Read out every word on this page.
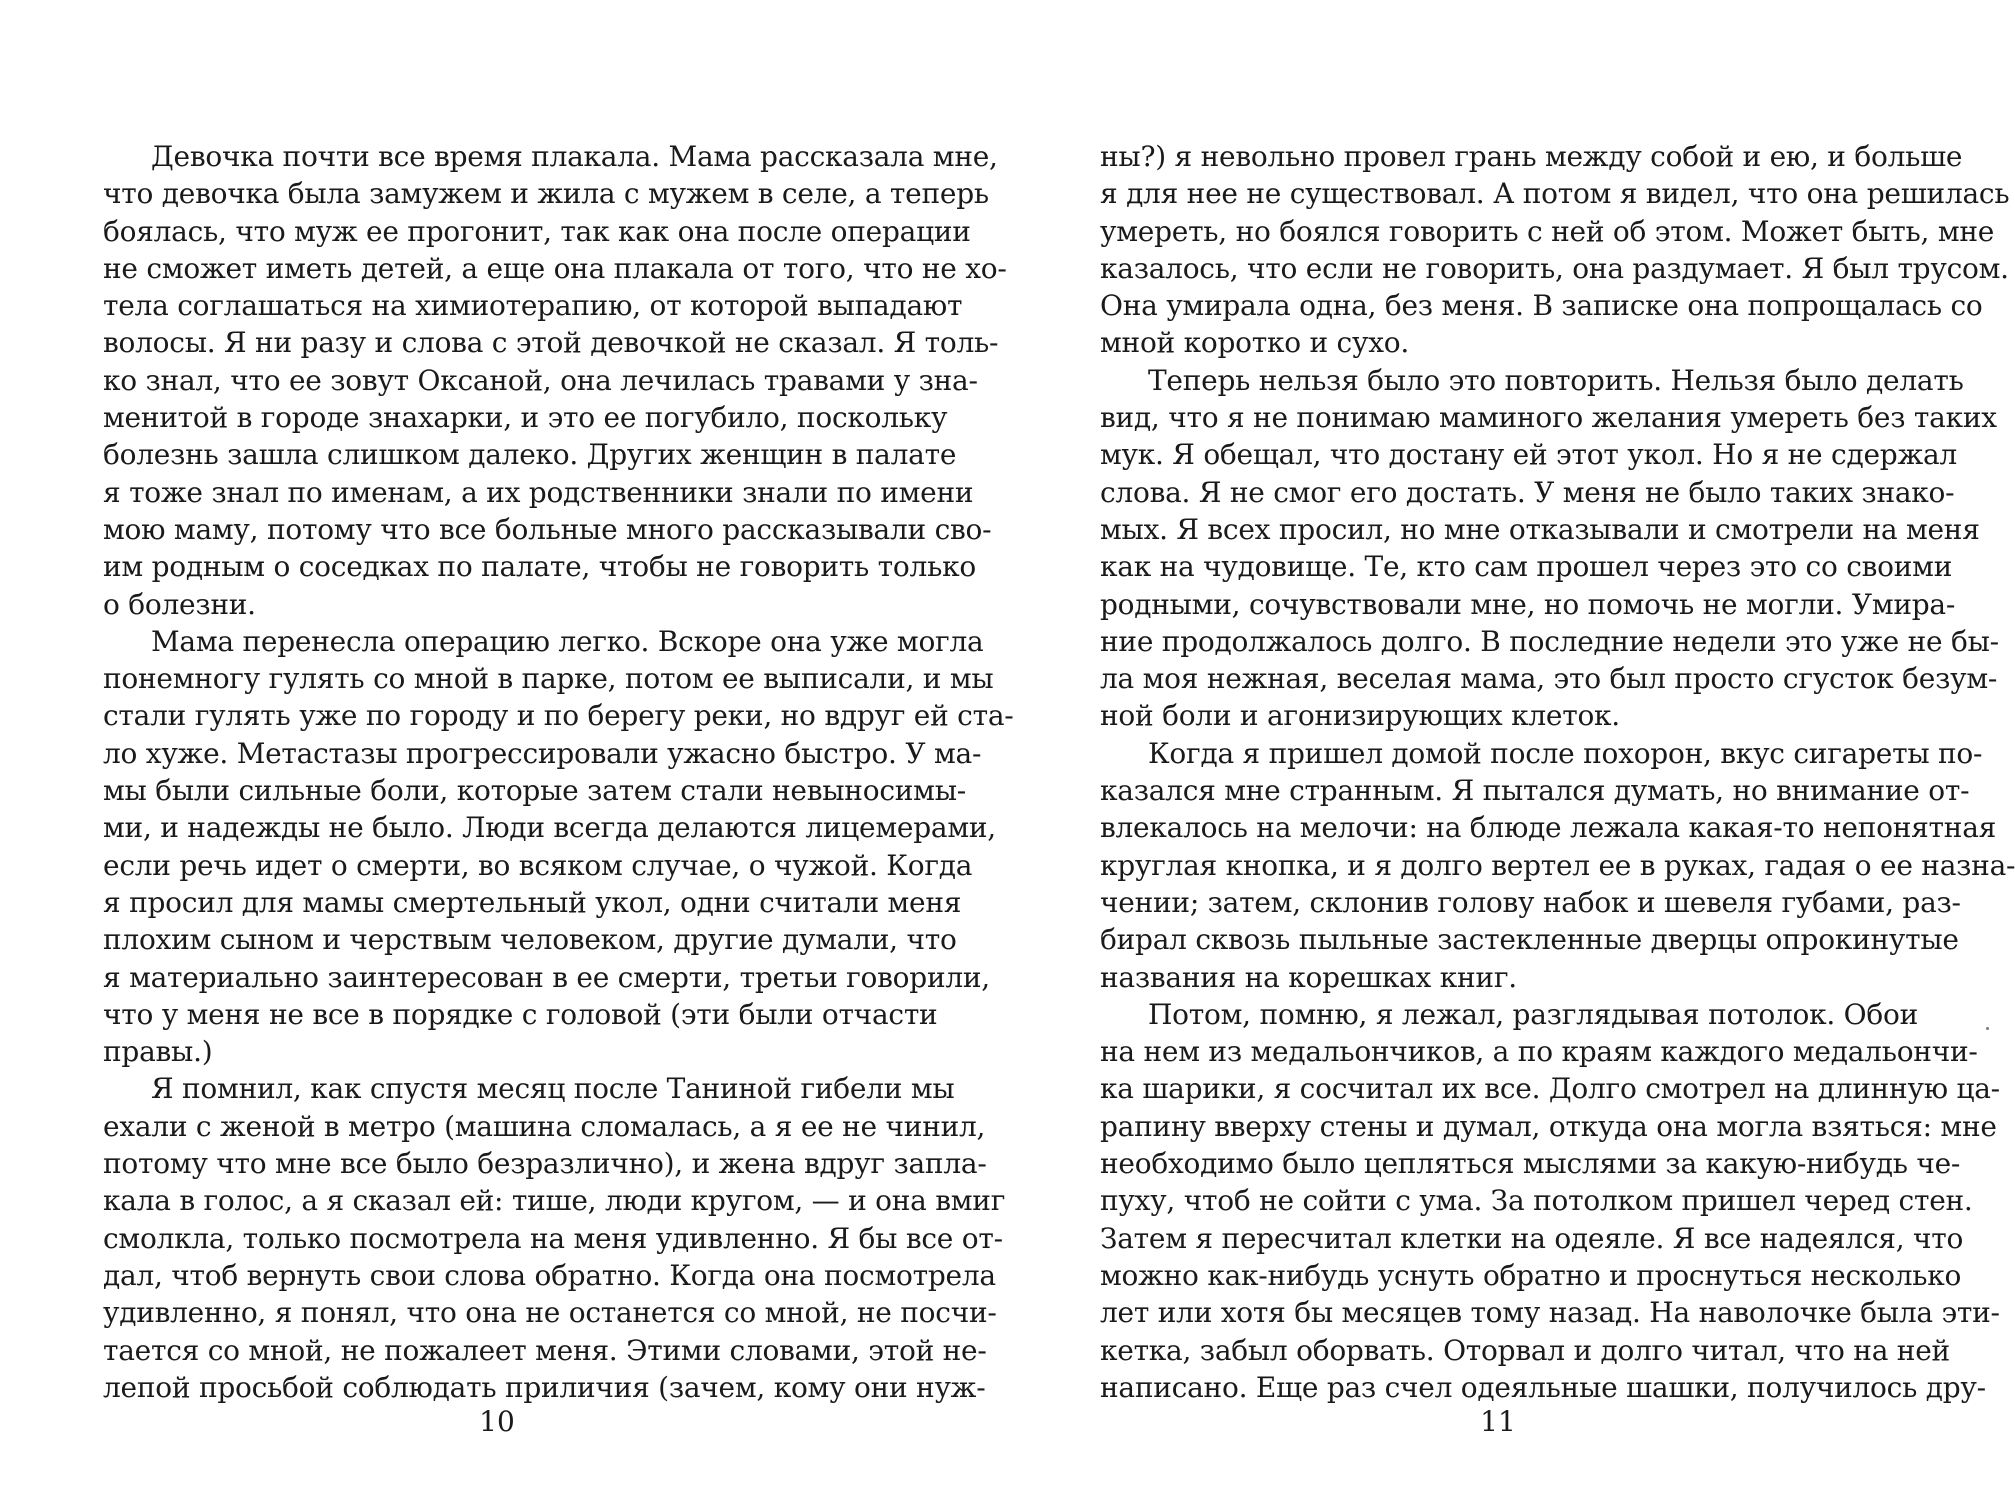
Девочка почти все время плакала. Мама рассказала мне,
что девочка была замужем и жила с мужем в селе, а теперь
боялась, что муж ее прогонит, так как она после операции
не сможет иметь детей, а еще она плакала от того, что не хо-
тела соглашаться на химиотерапию, от которой выпадают
волосы. Я ни разу и слова с этой девочкой не сказал. Я толь-
ко знал, что ее зовут Оксаной, она лечилась травами у зна-
менитой в городе знахарки, и это ее погубило, поскольку
болезнь зашла слишком далеко. Других женщин в палате
я тоже знал по именам, а их родственники знали по имени
мою маму, потому что все больные много рассказывали сво-
им родным о соседках по палате, чтобы не говорить только
о болезни.
Мама перенесла операцию легко. Вскоре она уже могла
понемногу гулять со мной в парке, потом ее выписали, и мы
стали гулять уже по городу и по берегу реки, но вдруг ей ста-
ло хуже. Метастазы прогрессировали ужасно быстро. У ма-
мы были сильные боли, которые затем стали невыносимы-
ми, и надежды не было. Люди всегда делаются лицемерами,
если речь идет о смерти, во всяком случае, о чужой. Когда
я просил для мамы смертельный укол, одни считали меня
плохим сыном и черствым человеком, другие думали, что
я материально заинтересован в ее смерти, третьи говорили,
что у меня не все в порядке с головой (эти были отчасти
правы.)
Я помнил, как спустя месяц после Таниной гибели мы
ехали с женой в метро (машина сломалась, а я ее не чинил,
потому что мне все было безразлично), и жена вдруг запла-
кала в голос, а я сказал ей: тише, люди кругом, — и она вмиг
смолкла, только посмотрела на меня удивленно. Я бы все от-
дал, чтоб вернуть свои слова обратно. Когда она посмотрела
удивленно, я понял, что она не останется со мной, не посчи-
тается со мной, не пожалеет меня. Этими словами, этой не-
лепой просьбой соблюдать приличия (зачем, кому они нуж-
ны?) я невольно провел грань между собой и ею, и больше
я для нее не существовал. А потом я видел, что она решилась
умереть, но боялся говорить с ней об этом. Может быть, мне
казалось, что если не говорить, она раздумает. Я был трусом.
Она умирала одна, без меня. В записке она попрощалась со
мной коротко и сухо.
Теперь нельзя было это повторить. Нельзя было делать
вид, что я не понимаю маминого желания умереть без таких
мук. Я обещал, что достану ей этот укол. Но я не сдержал
слова. Я не смог его достать. У меня не было таких знако-
мых. Я всех просил, но мне отказывали и смотрели на меня
как на чудовище. Те, кто сам прошел через это со своими
родными, сочувствовали мне, но помочь не могли. Умира-
ние продолжалось долго. В последние недели это уже не бы-
ла моя нежная, веселая мама, это был просто сгусток безум-
ной боли и агонизирующих клеток.
Когда я пришел домой после похорон, вкус сигареты по-
казался мне странным. Я пытался думать, но внимание от-
влекалось на мелочи: на блюде лежала какая-то непонятная
круглая кнопка, и я долго вертел ее в руках, гадая о ее назна-
чении; затем, склонив голову набок и шевеля губами, раз-
бирал сквозь пыльные застекленные дверцы опрокинутые
названия на корешках книг.
Потом, помню, я лежал, разглядывая потолок. Обои
на нем из медальончиков, а по краям каждого медальончи-
ка шарики, я сосчитал их все. Долго смотрел на длинную ца-
рапину вверху стены и думал, откуда она могла взяться: мне
необходимо было цепляться мыслями за какую-нибудь че-
пуху, чтоб не сойти с ума. За потолком пришел черед стен.
Затем я пересчитал клетки на одеяле. Я все надеялся, что
можно как-нибудь уснуть обратно и проснуться несколько
лет или хотя бы месяцев тому назад. На наволочке была эти-
кетка, забыл оборвать. Оторвал и долго читал, что на ней
написано. Еще раз счел одеяльные шашки, получилось дру-
10	11
